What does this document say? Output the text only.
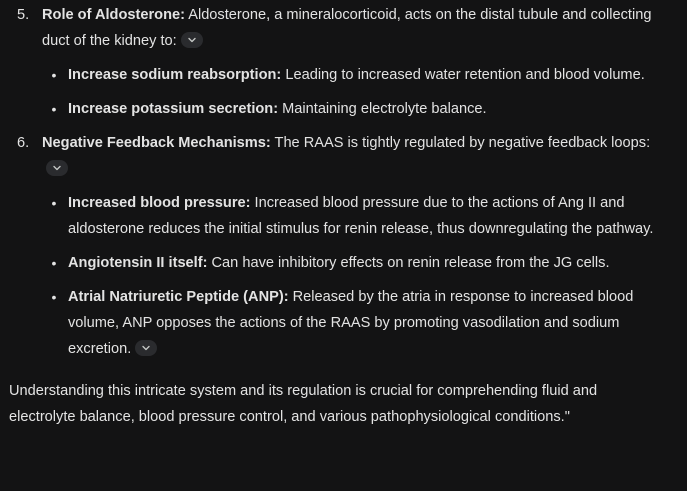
5. Role of Aldosterone: Aldosterone, a mineralocorticoid, acts on the distal tubule and collecting duct of the kidney to:
• Increase sodium reabsorption: Leading to increased water retention and blood volume.
• Increase potassium secretion: Maintaining electrolyte balance.
6. Negative Feedback Mechanisms: The RAAS is tightly regulated by negative feedback loops:
• Increased blood pressure: Increased blood pressure due to the actions of Ang II and aldosterone reduces the initial stimulus for renin release, thus downregulating the pathway.
• Angiotensin II itself: Can have inhibitory effects on renin release from the JG cells.
• Atrial Natriuretic Peptide (ANP): Released by the atria in response to increased blood volume, ANP opposes the actions of the RAAS by promoting vasodilation and sodium excretion.
Understanding this intricate system and its regulation is crucial for comprehending fluid and electrolyte balance, blood pressure control, and various pathophysiological conditions."
